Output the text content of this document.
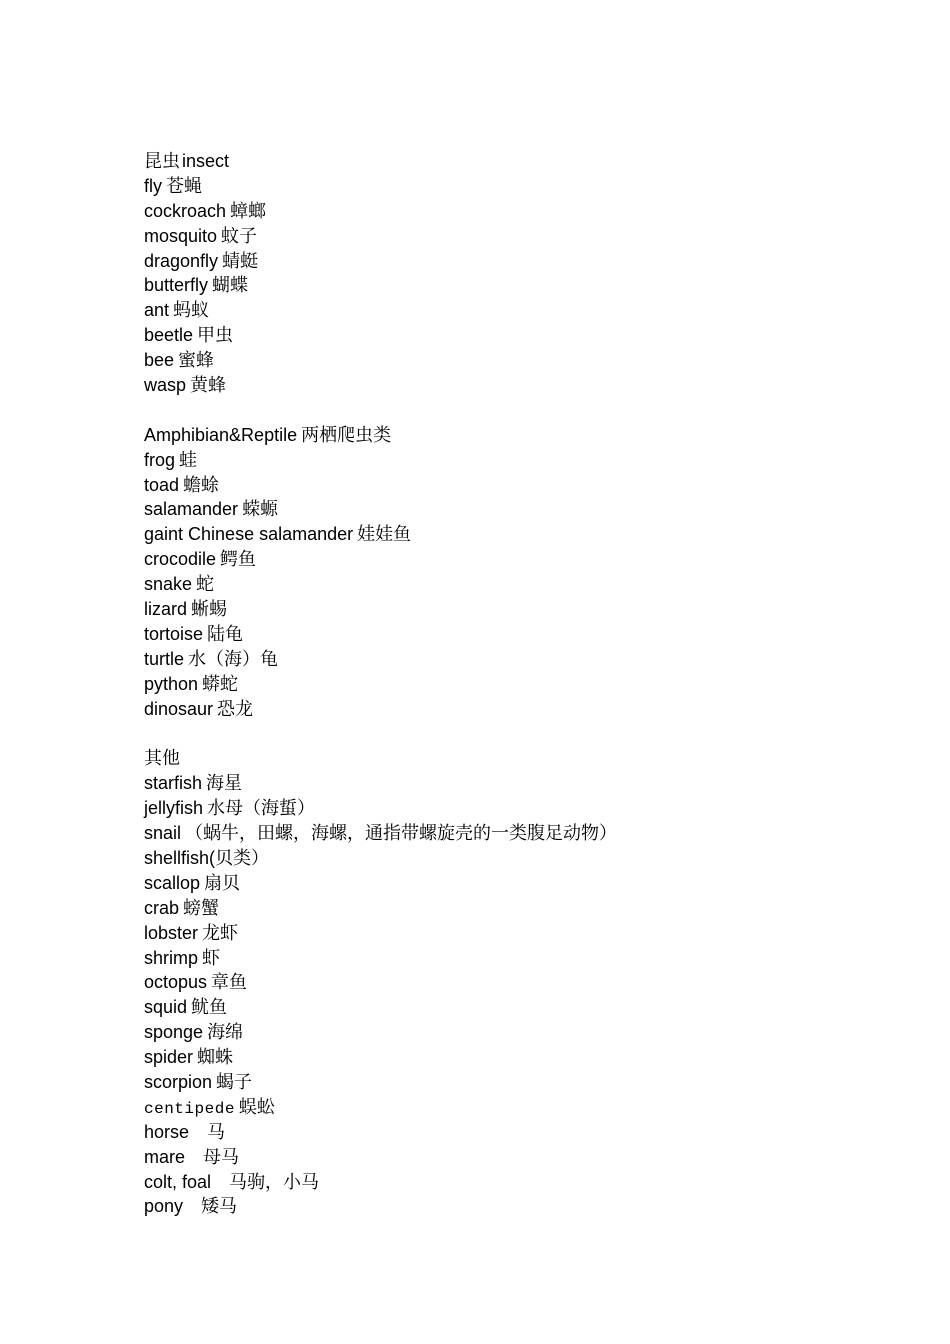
昆虫 insect
fly 苍蝇
cockroach 蟑螂
mosquito 蚊子
dragonfly 蜻蜓
butterfly 蝴蝶
ant 蚂蚁
beetle 甲虫
bee 蜜蜂
wasp 黄蜂
Amphibian&Reptile 两栖爬虫类
frog 蛙
toad 蟾蜍
salamander 蝾螈
gaint Chinese salamander 娃娃鱼
crocodile 鳄鱼
snake 蛇
lizard 蜥蜴
tortoise 陆龟
turtle 水（海）龟
python 蟒蛇
dinosaur 恐龙
其他
starfish 海星
jellyfish 水母（海蜇）
snail （蜗牛，田螺，海螺，通指带螺旋壳的一类腹足动物）
shellfish(贝类）
scallop 扇贝
crab 螃蟹
lobster 龙虾
shrimp 虾
octopus 章鱼
squid 鱿鱼
sponge 海绵
spider 蜘蛛
scorpion 蝎子
centipede 蜈蚣
horse 马
mare 母马
colt, foal 马驹，小马
pony 矮马
